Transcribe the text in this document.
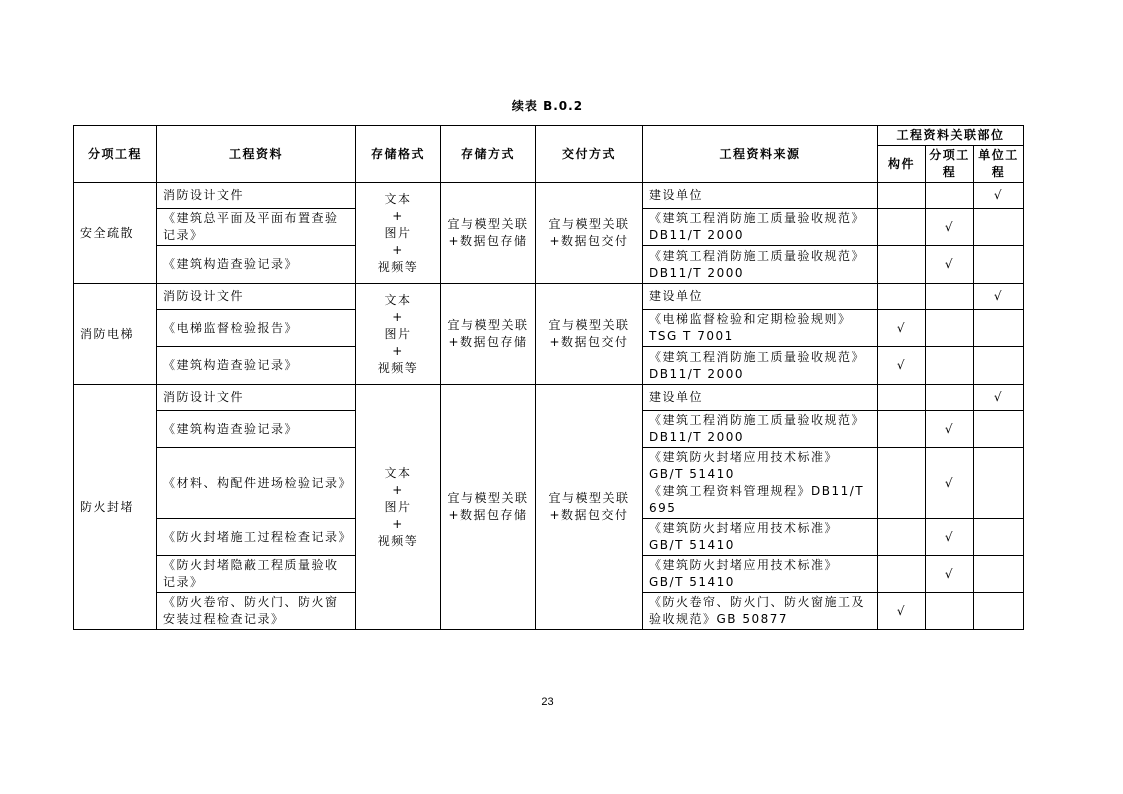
续表 B.0.2
分项工程	工程资料	存储格式	存储方式	交付方式	工程资料来源	工程资料关联部位		
						构件	分项工程	单位工程
安全疏散	消防设计文件	文本
+
图片
+
视频等	宜与模型关联+数据包存储	宜与模型关联+数据包交付	建设单位			√
	《建筑总平面及平面布置查验记录》				《建筑工程消防施工质量验收规范》DB11/T 2000		√	
	《建筑构造查验记录》				《建筑工程消防施工质量验收规范》DB11/T 2000		√	
消防电梯	消防设计文件	文本
+
图片
+
视频等	宜与模型关联+数据包存储	宜与模型关联+数据包交付	建设单位			√
	《电梯监督检验报告》				《电梯监督检验和定期检验规则》TSG T 7001	√		
	《建筑构造查验记录》				《建筑工程消防施工质量验收规范》DB11/T 2000	√		
防火封堵	消防设计文件	文本
+
图片
+
视频等	宜与模型关联+数据包存储	宜与模型关联+数据包交付	建设单位			√
	《建筑构造查验记录》				《建筑工程消防施工质量验收规范》DB11/T 2000		√	
	《材料、构配件进场检验记录》				《建筑防火封堵应用技术标准》GB/T 51410
《建筑工程资料管理规程》DB11/T 695		√	
	《防火封堵施工过程检查记录》				《建筑防火封堵应用技术标准》GB/T 51410		√	
	《防火封堵隐蔽工程质量验收记录》				《建筑防火封堵应用技术标准》GB/T 51410		√	
	《防火卷帘、防火门、防火窗安装过程检查记录》				《防火卷帘、防火门、防火窗施工及验收规范》GB 50877	√		
23
